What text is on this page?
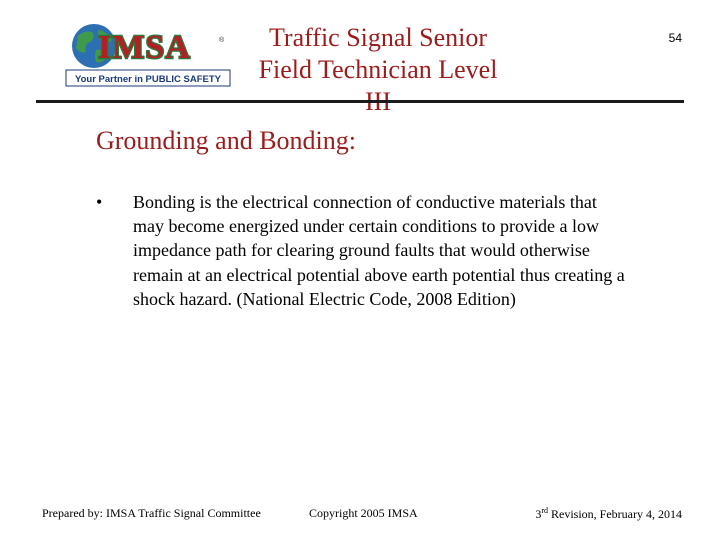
IMSA	®
Your Partner in PUBLIC SAFETY
Traffic Signal Senior Field Technician Level III
54
Grounding and Bonding:
•	Bonding is the electrical connection of conductive materials that may become energized under certain conditions to provide a low impedance path for clearing ground faults that would otherwise remain at an electrical potential above earth potential thus creating a shock hazard. (National Electric Code, 2008 Edition)
Prepared by: IMSA Traffic Signal Committee	Copyright 2005 IMSA	3rd Revision, February 4, 2014
